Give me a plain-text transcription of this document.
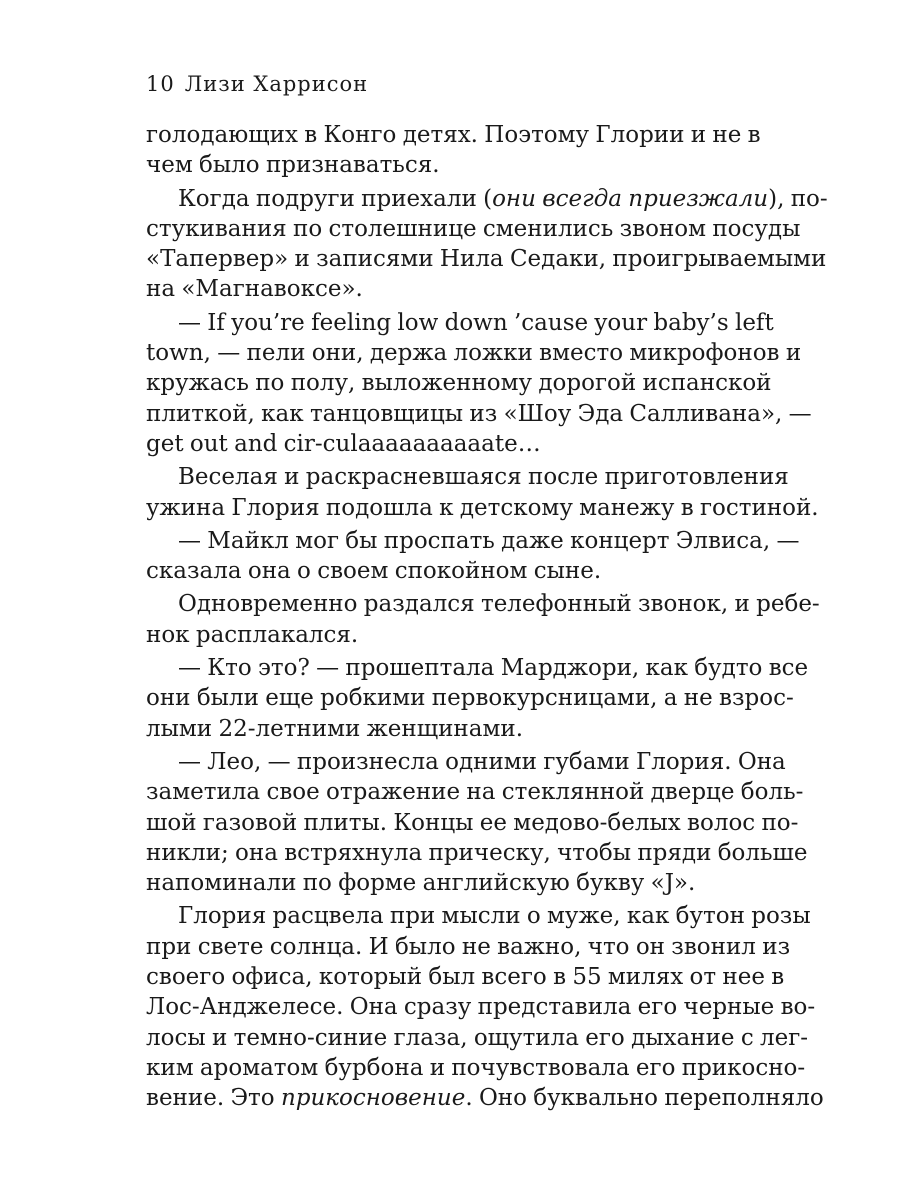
10 Лизи Харрисон
голодающих в Конго детях. Поэтому Глории и не в
чем было признаваться.
Когда подруги приехали (они всегда приезжали), по-
стукивания по столешнице сменились звоном посуды
«Тапервер» и записями Нила Седаки, проигрываемыми
на «Магнавоксе».
— If you’re feeling low down ’cause your baby’s left
town, — пели они, держа ложки вместо микрофонов и
кружась по полу, выложенному дорогой испанской
плиткой, как танцовщицы из «Шоу Эда Салливана», —
get out and cir-culaaaaaaaaaate…
Веселая и раскрасневшаяся после приготовления
ужина Глория подошла к детскому манежу в гостиной.
— Майкл мог бы проспать даже концерт Элвиса, —
сказала она о своем спокойном сыне.
Одновременно раздался телефонный звонок, и ребе-
нок расплакался.
— Кто это? — прошептала Марджори, как будто все
они были еще робкими первокурсницами, а не взрос-
лыми 22-летними женщинами.
— Лео, — произнесла одними губами Глория. Она
заметила свое отражение на стеклянной дверце боль-
шой газовой плиты. Концы ее медово-белых волос по-
никли; она встряхнула прическу, чтобы пряди больше
напоминали по форме английскую букву «J».
Глория расцвела при мысли о муже, как бутон розы
при свете солнца. И было не важно, что он звонил из
своего офиса, который был всего в 55 милях от нее в
Лос-Анджелесе. Она сразу представила его черные во-
лосы и темно-синие глаза, ощутила его дыхание с лег-
ким ароматом бурбона и почувствовала его прикосно-
вение. Это прикосновение. Оно буквально переполняло
